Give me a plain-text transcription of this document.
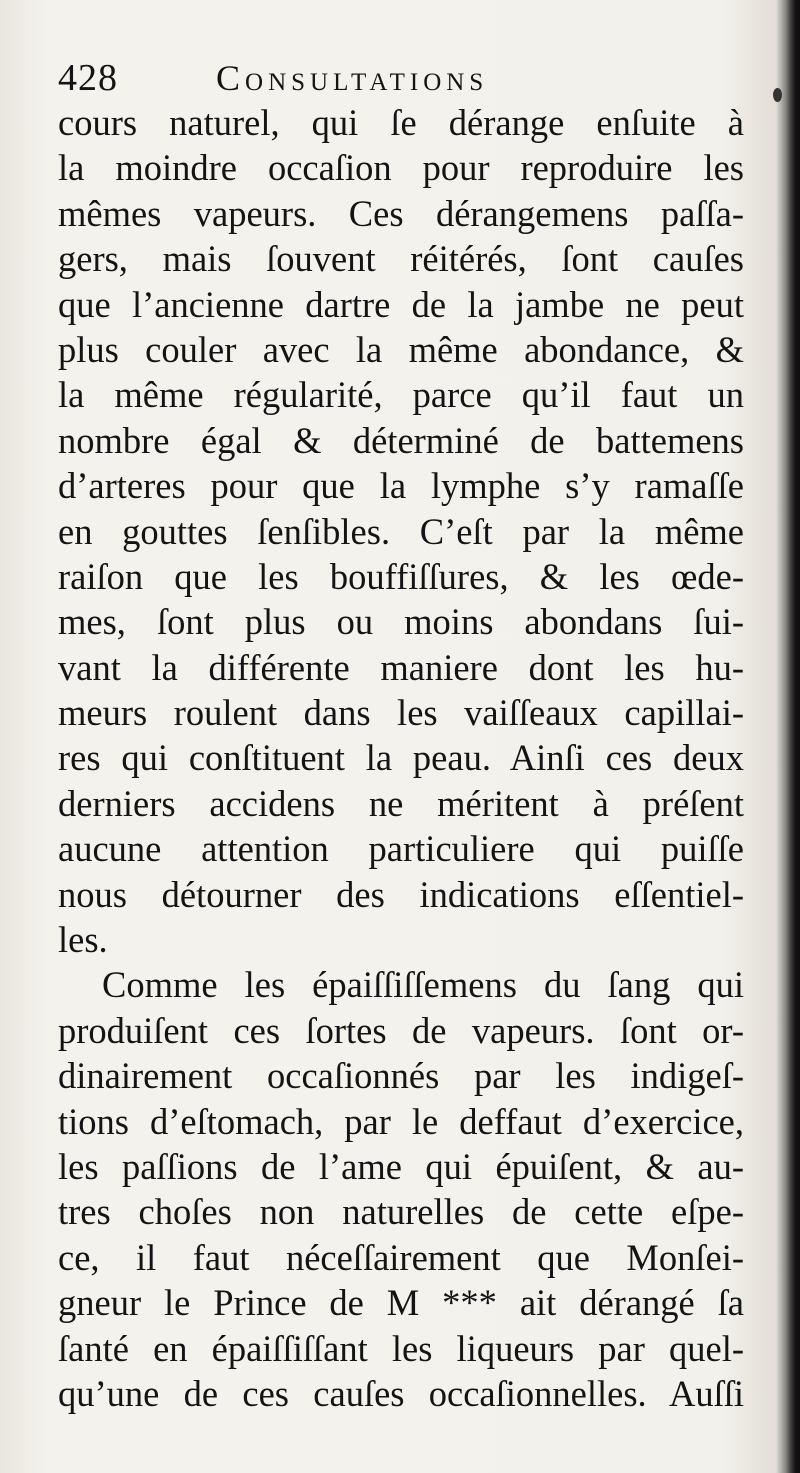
428	Consultations
cours naturel, qui ſe dérange enſuite à
la moindre occaſion pour reproduire les
mêmes vapeurs. Ces dérangemens paſſa-
gers, mais ſouvent réitérés, ſont cauſes
que l’ancienne dartre de la jambe ne peut
plus couler avec la même abondance, &
la même régularité, parce qu’il faut un
nombre égal & déterminé de battemens
d’arteres pour que la lymphe s’y ramaſſe
en gouttes ſenſibles. C’eſt par la même
raiſon que les bouffiſſures, & les œde-
mes, ſont plus ou moins abondans ſui-
vant la différente maniere dont les hu-
meurs roulent dans les vaiſſeaux capillai-
res qui conſtituent la peau. Ainſi ces deux
derniers accidens ne méritent à préſent
aucune attention particuliere qui puiſſe
nous détourner des indications eſſentiel-
les.
Comme les épaiſſiſſemens du ſang qui
produiſent ces ſortes de vapeurs. ſont or-
dinairement occaſionnés par les indigeſ-
tions d’eſtomach, par le deffaut d’exercice,
les paſſions de l’ame qui épuiſent, & au-
tres choſes non naturelles de cette eſpe-
ce, il faut néceſſairement que Monſei-
gneur le Prince de M *** ait dérangé ſa
ſanté en épaiſſiſſant les liqueurs par quel-
qu’une de ces cauſes occaſionnelles. Auſſi
